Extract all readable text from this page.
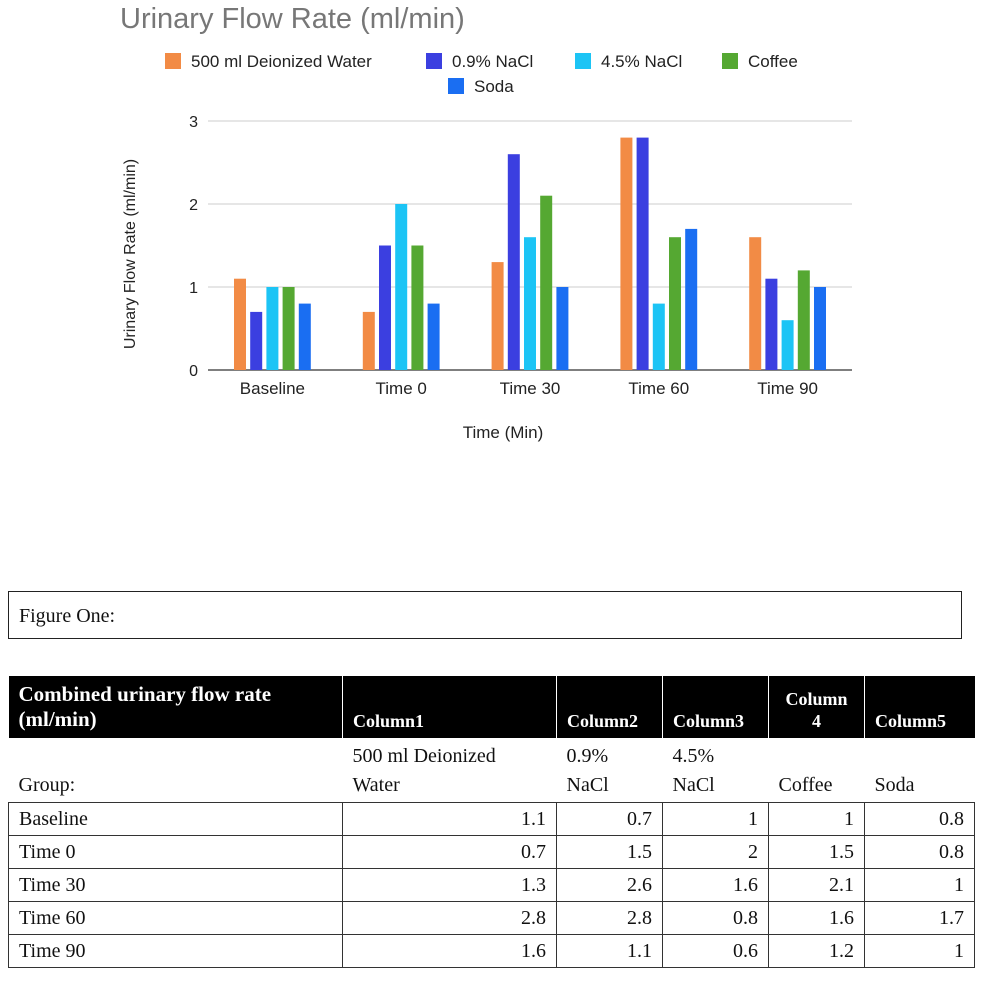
Urinary Flow Rate (ml/min)
500 ml Deionized Water	0.9% NaCl	4.5% NaCl	Coffee
Soda
0
1
2
3
Baseline	Time 0	Time 30	Time 60	Time 90
Urinary Flow Rate (ml/min)
Time (Min)
Figure One:
Combined urinary flow rate (ml/min)	Column1	Column2	Column3	Column 4	Column5
Group:	500 ml Deionized Water	0.9% NaCl	4.5% NaCl	Coffee	Soda
Baseline	1.1	0.7	1	1	0.8
Time 0	0.7	1.5	2	1.5	0.8
Time 30	1.3	2.6	1.6	2.1	1
Time 60	2.8	2.8	0.8	1.6	1.7
Time 90	1.6	1.1	0.6	1.2	1
